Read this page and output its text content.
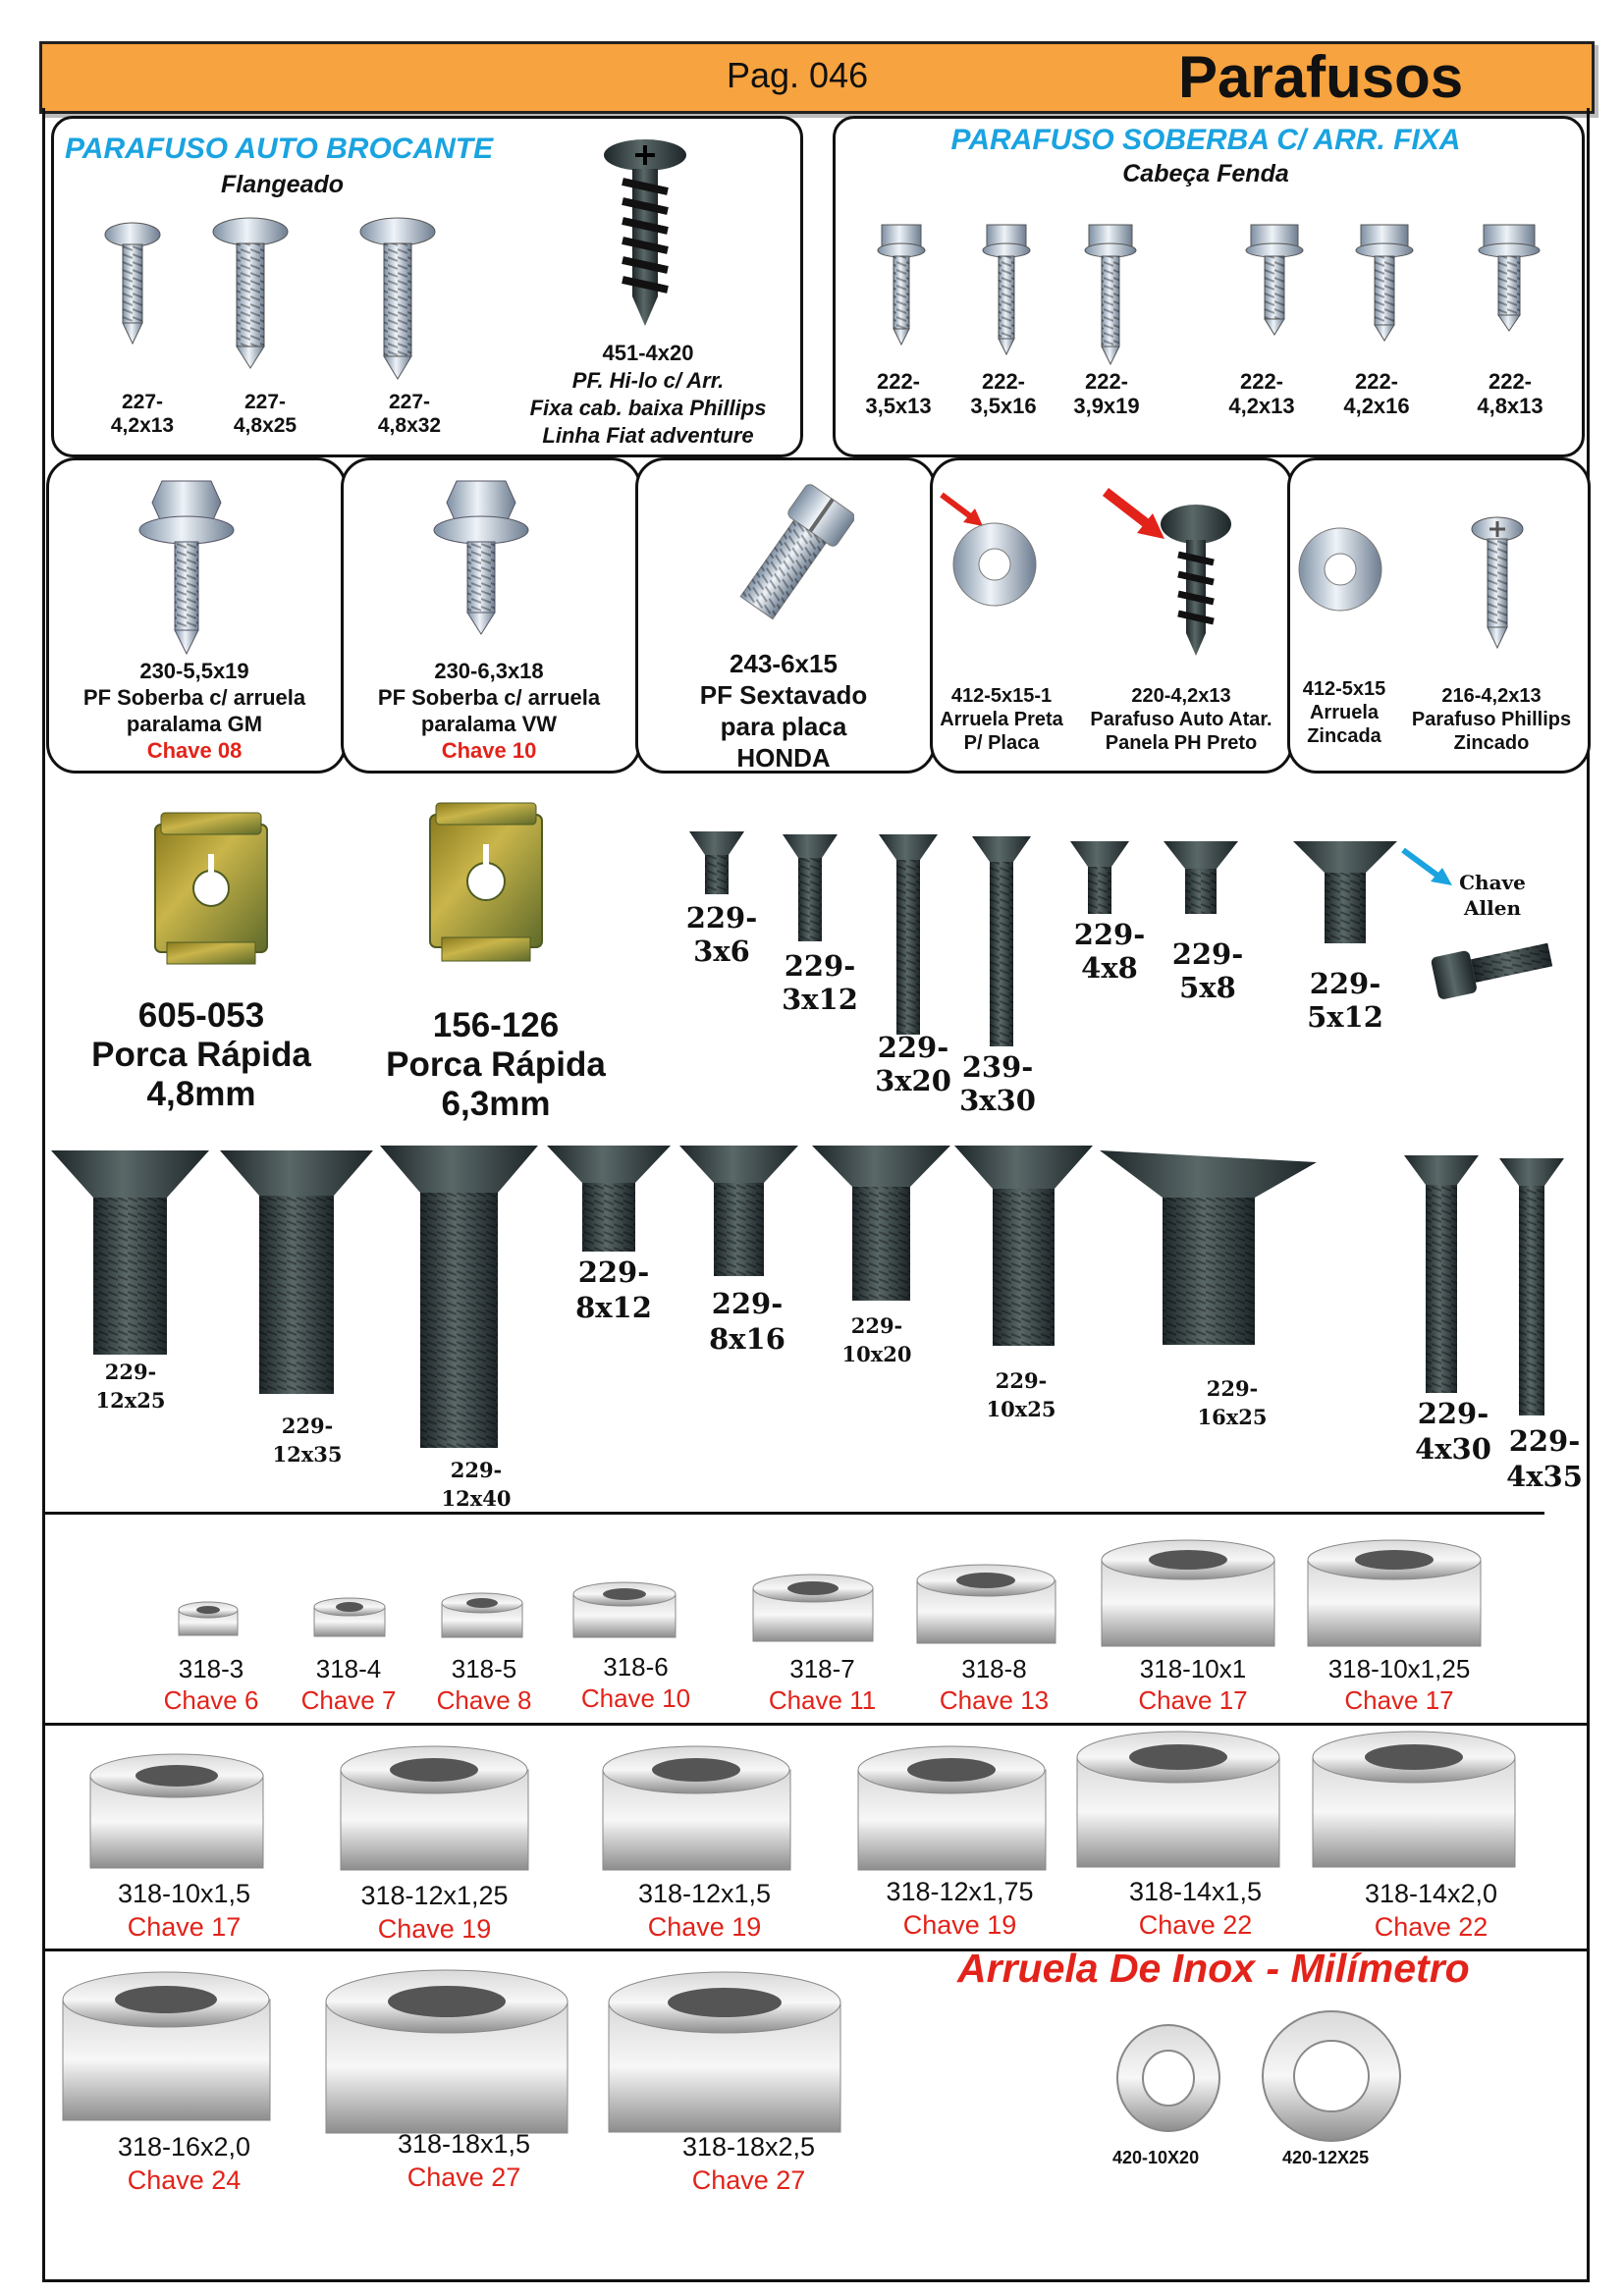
Pag. 046	Parafusos
PARAFUSO AUTO BROCANTE
Flangeado
227-
4,2x13
227-
4,8x25
227-
4,8x32
451-4x20
PF. Hi-lo c/ Arr.
Fixa cab. baixa Phillips
Linha Fiat adventure
PARAFUSO SOBERBA C/ ARR. FIXA
Cabeça Fenda
222-
3,5x13
222-
3,5x16
222-
3,9x19
222-
4,2x13
222-
4,2x16
222-
4,8x13
230-5,5x19
PF Soberba c/ arruela
paralama GM
Chave 08
230-6,3x18
PF Soberba c/ arruela
paralama VW
Chave 10
243-6x15
PF Sextavado
para placa
HONDA
412-5x15-1
Arruela Preta
P/ Placa
220-4,2x13
Parafuso Auto Atar.
Panela PH Preto
412-5x15
Arruela
Zincada
216-4,2x13
Parafuso Phillips
Zincado
605-053
Porca Rápida
4,8mm
156-126
Porca Rápida
6,3mm
229-
3x6	229-
3x12
229-
3x20 239-
3x30
229-
4x8	229-
5x8	229-
5x12
Chave
Allen
229-
12x25
229-
12x35
229-
12x40
229-
8x12	229-
8x16	229-
10x20
229-
10x25
229-
16x25	229-
4x30 229-
4x35
318-3
Chave 6
318-4
Chave 7
318-5
Chave 8
318-6
Chave 10
318-7
Chave 11
318-8
Chave 13
318-10x1
Chave 17
318-10x1,25
Chave 17
318-10x1,5
Chave 17
318-12x1,25
Chave 19
318-12x1,5
Chave 19
318-12x1,75
Chave 19
318-14x1,5
Chave 22
318-14x2,0
Chave 22
318-16x2,0
Chave 24
318-18x1,5
Chave 27
318-18x2,5
Chave 27
Arruela De Inox - Milímetro
420-10X20	420-12X25
